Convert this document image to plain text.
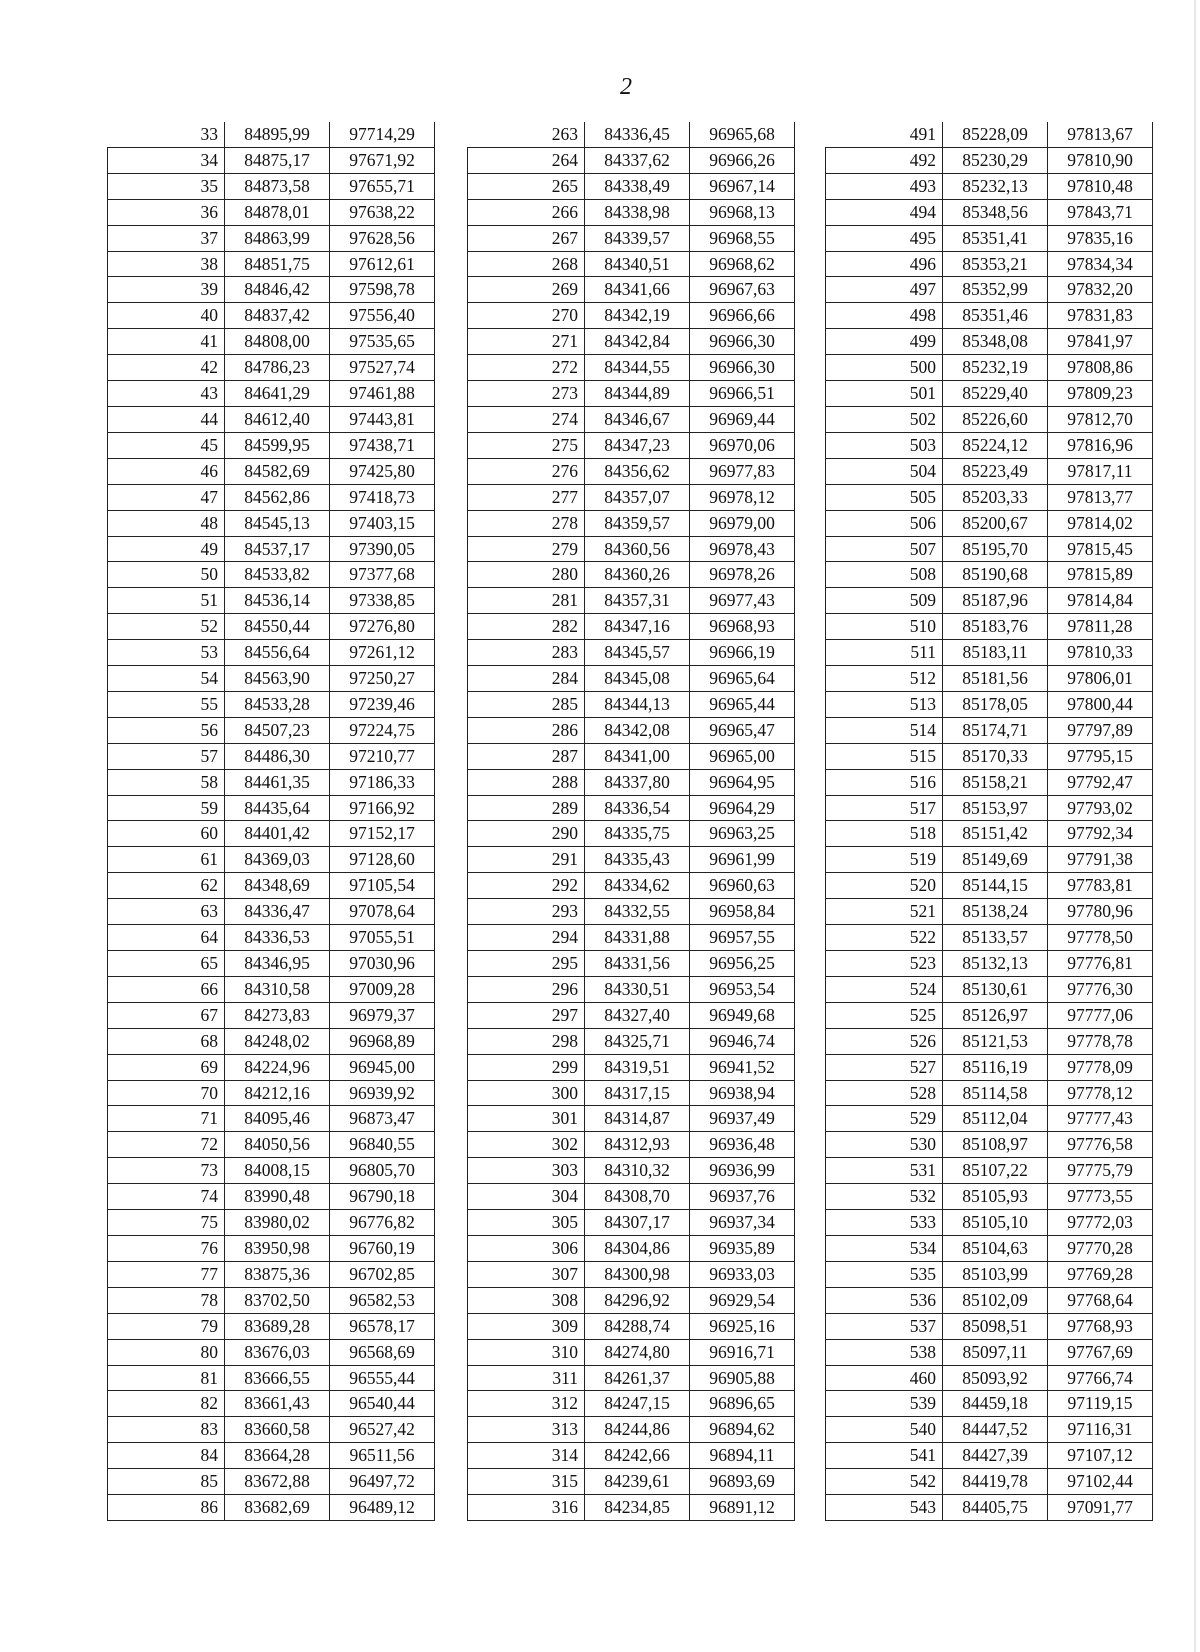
2
33	84895,99	97714,29
34	84875,17	97671,92
35	84873,58	97655,71
36	84878,01	97638,22
37	84863,99	97628,56
38	84851,75	97612,61
39	84846,42	97598,78
40	84837,42	97556,40
41	84808,00	97535,65
42	84786,23	97527,74
43	84641,29	97461,88
44	84612,40	97443,81
45	84599,95	97438,71
46	84582,69	97425,80
47	84562,86	97418,73
48	84545,13	97403,15
49	84537,17	97390,05
50	84533,82	97377,68
51	84536,14	97338,85
52	84550,44	97276,80
53	84556,64	97261,12
54	84563,90	97250,27
55	84533,28	97239,46
56	84507,23	97224,75
57	84486,30	97210,77
58	84461,35	97186,33
59	84435,64	97166,92
60	84401,42	97152,17
61	84369,03	97128,60
62	84348,69	97105,54
63	84336,47	97078,64
64	84336,53	97055,51
65	84346,95	97030,96
66	84310,58	97009,28
67	84273,83	96979,37
68	84248,02	96968,89
69	84224,96	96945,00
70	84212,16	96939,92
71	84095,46	96873,47
72	84050,56	96840,55
73	84008,15	96805,70
74	83990,48	96790,18
75	83980,02	96776,82
76	83950,98	96760,19
77	83875,36	96702,85
78	83702,50	96582,53
79	83689,28	96578,17
80	83676,03	96568,69
81	83666,55	96555,44
82	83661,43	96540,44
83	83660,58	96527,42
84	83664,28	96511,56
85	83672,88	96497,72
86	83682,69	96489,12
263	84336,45	96965,68
264	84337,62	96966,26
265	84338,49	96967,14
266	84338,98	96968,13
267	84339,57	96968,55
268	84340,51	96968,62
269	84341,66	96967,63
270	84342,19	96966,66
271	84342,84	96966,30
272	84344,55	96966,30
273	84344,89	96966,51
274	84346,67	96969,44
275	84347,23	96970,06
276	84356,62	96977,83
277	84357,07	96978,12
278	84359,57	96979,00
279	84360,56	96978,43
280	84360,26	96978,26
281	84357,31	96977,43
282	84347,16	96968,93
283	84345,57	96966,19
284	84345,08	96965,64
285	84344,13	96965,44
286	84342,08	96965,47
287	84341,00	96965,00
288	84337,80	96964,95
289	84336,54	96964,29
290	84335,75	96963,25
291	84335,43	96961,99
292	84334,62	96960,63
293	84332,55	96958,84
294	84331,88	96957,55
295	84331,56	96956,25
296	84330,51	96953,54
297	84327,40	96949,68
298	84325,71	96946,74
299	84319,51	96941,52
300	84317,15	96938,94
301	84314,87	96937,49
302	84312,93	96936,48
303	84310,32	96936,99
304	84308,70	96937,76
305	84307,17	96937,34
306	84304,86	96935,89
307	84300,98	96933,03
308	84296,92	96929,54
309	84288,74	96925,16
310	84274,80	96916,71
311	84261,37	96905,88
312	84247,15	96896,65
313	84244,86	96894,62
314	84242,66	96894,11
315	84239,61	96893,69
316	84234,85	96891,12
491	85228,09	97813,67
492	85230,29	97810,90
493	85232,13	97810,48
494	85348,56	97843,71
495	85351,41	97835,16
496	85353,21	97834,34
497	85352,99	97832,20
498	85351,46	97831,83
499	85348,08	97841,97
500	85232,19	97808,86
501	85229,40	97809,23
502	85226,60	97812,70
503	85224,12	97816,96
504	85223,49	97817,11
505	85203,33	97813,77
506	85200,67	97814,02
507	85195,70	97815,45
508	85190,68	97815,89
509	85187,96	97814,84
510	85183,76	97811,28
511	85183,11	97810,33
512	85181,56	97806,01
513	85178,05	97800,44
514	85174,71	97797,89
515	85170,33	97795,15
516	85158,21	97792,47
517	85153,97	97793,02
518	85151,42	97792,34
519	85149,69	97791,38
520	85144,15	97783,81
521	85138,24	97780,96
522	85133,57	97778,50
523	85132,13	97776,81
524	85130,61	97776,30
525	85126,97	97777,06
526	85121,53	97778,78
527	85116,19	97778,09
528	85114,58	97778,12
529	85112,04	97777,43
530	85108,97	97776,58
531	85107,22	97775,79
532	85105,93	97773,55
533	85105,10	97772,03
534	85104,63	97770,28
535	85103,99	97769,28
536	85102,09	97768,64
537	85098,51	97768,93
538	85097,11	97767,69
460	85093,92	97766,74
539	84459,18	97119,15
540	84447,52	97116,31
541	84427,39	97107,12
542	84419,78	97102,44
543	84405,75	97091,77
